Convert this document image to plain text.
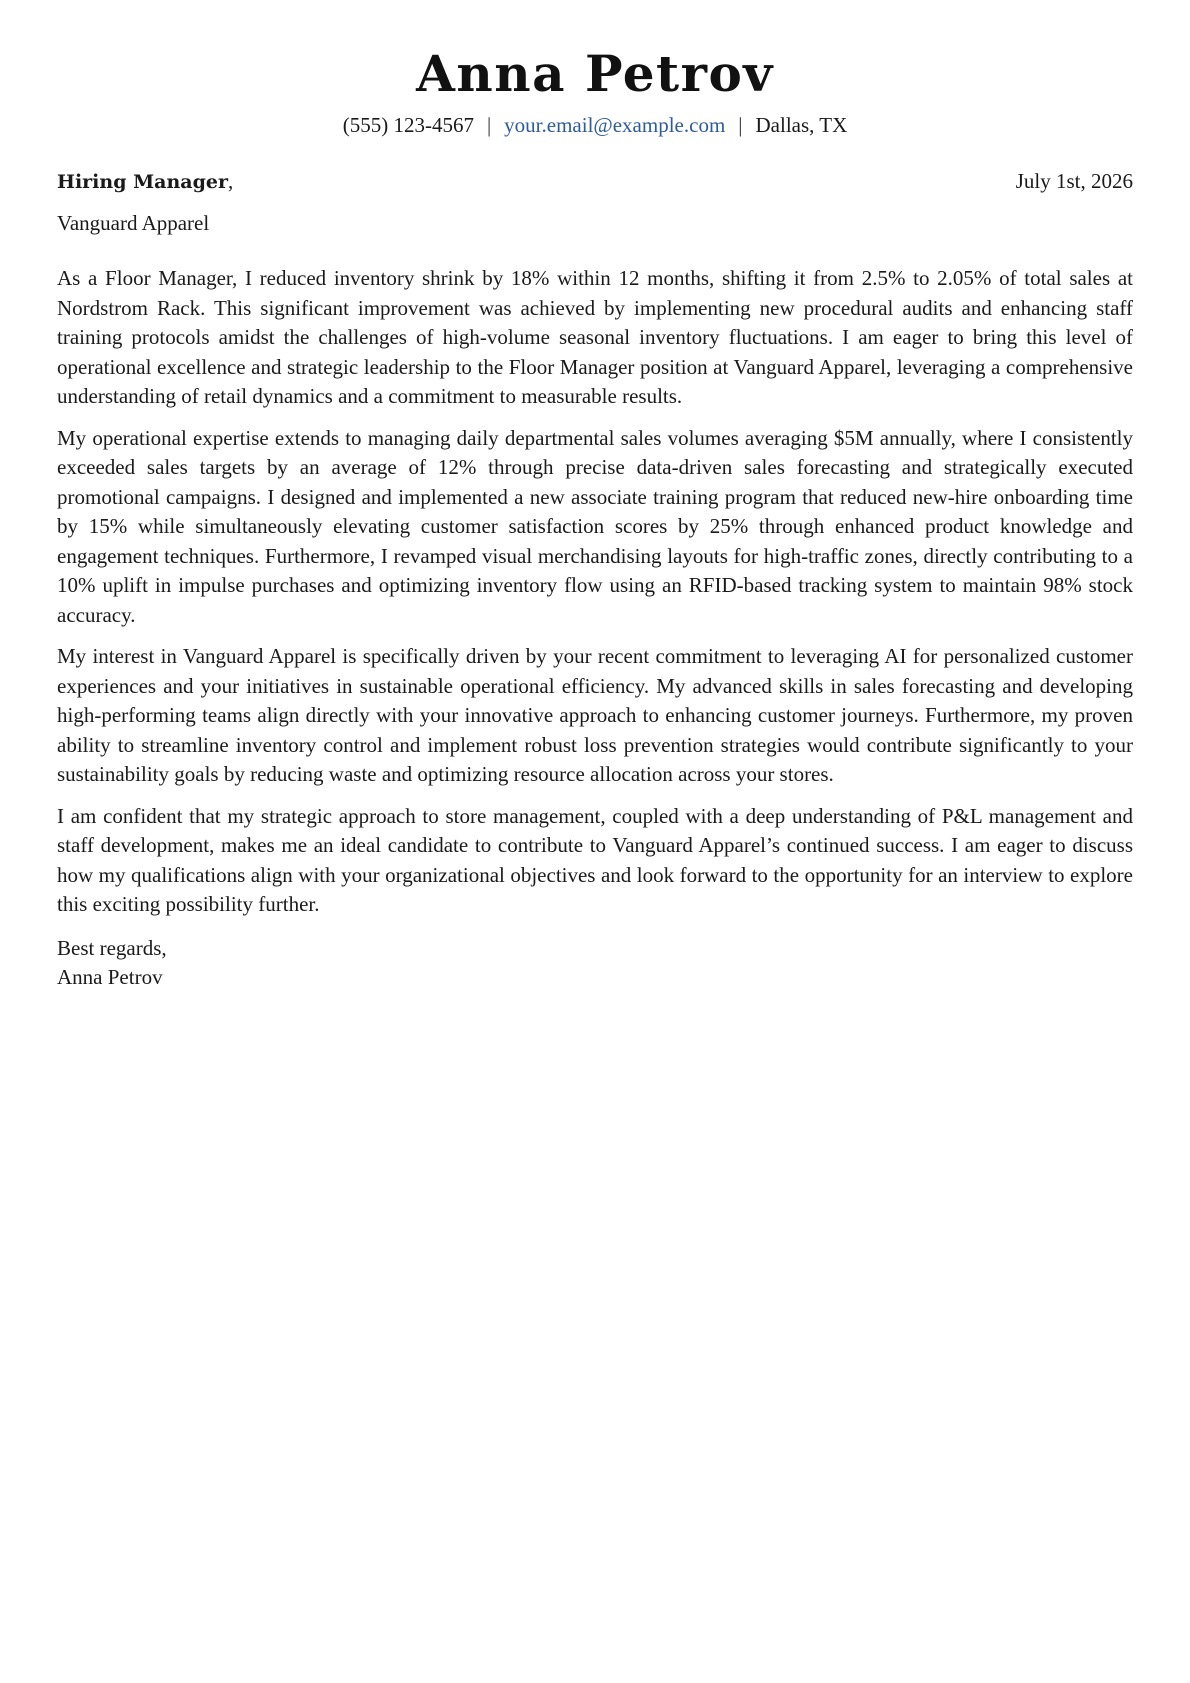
Anna Petrov
(555) 123-4567 | your.email@example.com | Dallas, TX
Hiring Manager,	July 1st, 2026
Vanguard Apparel

As a Floor Manager, I reduced inventory shrink by 18% within 12 months, shifting it from 2.5% to 2.05% of total sales at Nordstrom Rack. This significant improvement was achieved by implementing new procedural audits and enhancing staff training protocols amidst the challenges of high-volume seasonal inventory fluctuations. I am eager to bring this level of operational excellence and strategic leadership to the Floor Manager position at Vanguard Apparel, leveraging a comprehensive understanding of retail dynamics and a commitment to measurable results.

My operational expertise extends to managing daily departmental sales volumes averaging $5M annually, where I consistently exceeded sales targets by an average of 12% through precise data-driven sales forecasting and strategically executed promotional campaigns. I designed and implemented a new associate training program that reduced new-hire onboarding time by 15% while simultaneously elevating customer satisfaction scores by 25% through enhanced product knowledge and engagement techniques. Furthermore, I revamped visual merchandising layouts for high-traffic zones, directly contributing to a 10% uplift in impulse purchases and optimizing inventory flow using an RFID-based tracking system to maintain 98% stock accuracy.

My interest in Vanguard Apparel is specifically driven by your recent commitment to leveraging AI for personalized customer experiences and your initiatives in sustainable operational efficiency. My advanced skills in sales forecasting and developing high-performing teams align directly with your innovative approach to enhancing customer journeys. Furthermore, my proven ability to streamline inventory control and implement robust loss prevention strategies would contribute significantly to your sustainability goals by reducing waste and optimizing resource allocation across your stores.

I am confident that my strategic approach to store management, coupled with a deep understanding of P&L management and staff development, makes me an ideal candidate to contribute to Vanguard Apparel’s continued success. I am eager to discuss how my qualifications align with your organizational objectives and look forward to the opportunity for an interview to explore this exciting possibility further.

Best regards,
Anna Petrov
